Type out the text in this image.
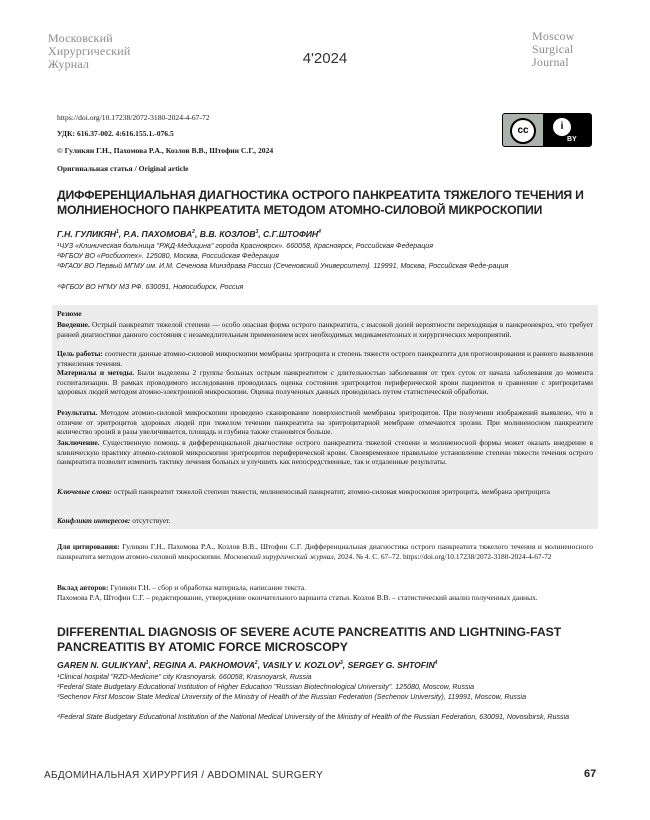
Московский
Хирургический
Журнал	4'2024
Moscow
Surgical
Journal
https://doi.org/10.17238/2072-3180-2024-4-67-72
УДК: 616.37-002. 4:616.155.1.-076.5
© Гуликян Г.Н., Пахомова Р.А., Козлов В.В., Штофин С.Г., 2024
Оригинальная статья / Original article
cc	i
BY
ДИФФЕРЕНЦИАЛЬНАЯ ДИАГНОСТИКА ОСТРОГО ПАНКРЕАТИТА ТЯЖЕЛОГО ТЕЧЕНИЯ И МОЛНИЕНОСНОГО ПАНКРЕАТИТА МЕТОДОМ АТОМНО-СИЛОВОЙ МИКРОСКОПИИ
Г.Н. ГУЛИКЯН$^1$, Р.А. ПАХОМОВА$^2$, В.В. КОЗЛОВ$^3$, С.Г.ШТОФИН$^4$
¹ЧУЗ «Клиническая больница "РЖД-Медицина" города Красноярск». 660058, Красноярск, Российская Федерация
²ФГБОУ ВО «Росбиотех». 125080, Москва, Российская Федерация
³ФГАОУ ВО Первый МГМУ им. И.М. Сеченова Минздрава России (Сеченовский Университет). 119991, Москва, Российская Феде-рация
⁴ФГБОУ ВО НГМУ МЗ РФ. 630091, Новосибирск, Россия
Резюме
Введение. Острый панкреатит тяжелой степени — особо опасная форма острого панкреатита, с высокой долей вероятности переходящая в панкреонекроз, что требует ранней диагностики данного состояния с незамедлительным применением всех необходимых медикаментозных и хирургических мероприятий.
Цель работы: соотнести данные атомно-силовой микроскопии мембраны эритроцита и степень тяжести острого панкреатита для прогнозирования и раннего выявления утяжеления течения.
Материалы и методы. Были выделены 2 группы больных острым панкреатитом с длительностью заболевания от трех суток от начала заболевания до момента госпитализации. В рамках проводимого исследования проводилась оценка состояния эритроцитов периферической крови пациентов и сравнение с эритроцитами здоровых людей методом атомно-электронной микроскопии. Оценка полученных данных проводилась путем статистической обработки.
Результаты. Методом атомно-силовой микроскопии проведено сканирование поверхностной мембраны эритроцитов. При получении изображений выявлено, что в отличие от эритроцитов здоровых людей при тяжелом течении панкреатита на эритроцитарной мембране отмечаются эрозии. При молниеносном панкреатите количество эрозий в разы увеличивается, площадь и глубина также становятся больше.
Заключение. Существенную помощь в дифференциальной диагностике острого панкреатита тяжелой степени и молниеносной формы может оказать внедрение в клиническую практику атомно-силовой микроскопии эритроцитов периферической крови. Своевременное правильное установление степени тяжести течения острого панкреатита позволит изменить тактику лечения больных и улучшить как непосредственные, так и отдаленные результаты.
Ключевые слова: острый панкреатит тяжелой степени тяжести, молниеносный панкреатит, атомно-силовая микроскопия эритроцита, мембрана эритроцита
Конфликт интересов: отсутствует.
Для цитирования: Гуликян Г.Н., Пахомова Р.А., Козлов В.В., Штофин С.Г. Дифференциальная диагностика острого панкреатита тяжелого течения и молниеносного панкреатита методом атомно-силовой микроскопии. Московский хирургический журнал, 2024. № 4. С. 67–72. https://doi.org/10.17238/2072-3180-2024-4-67-72
Вклад авторов: Гуликян Г.Н. – сбор и обработка материала, написание текста.
Пахомова Р.А, Штофин С.Г. – редактирование, утверждение окончательного варианта статьи. Козлов В.В. – статистический анализ полученных данных.
DIFFERENTIAL DIAGNOSIS OF SEVERE ACUTE PANCREATITIS AND LIGHTNING-FAST PANCREATITIS BY ATOMIC FORCE MICROSCOPY
GAREN N. GULIKYAN$^1$, REGINA A. PAKHOMOVA$^2$, VASILY V. KOZLOV$^3$, SERGEY G. SHTOFIN$^4$
¹Clinical hospital "RZD-Medicine" city Krasnoyarsk. 660058, Krasnoyarsk, Russia
²Federal State Budgetary Educational Institution of Higher Education "Russian Biotechnological University". 125080, Moscow, Russia
³Sechenov First Moscow State Medical University of the Ministry of Health of the Russian Federation (Sechenov University), 119991, Moscow, Russia
⁴Federal State Budgetary Educational Institution of the National Medical University of the Ministry of Health of the Russian Federation, 630091, Novosibirsk, Russia
АБДОМИНАЛЬНАЯ ХИРУРГИЯ / ABDOMINAL SURGERY	67
